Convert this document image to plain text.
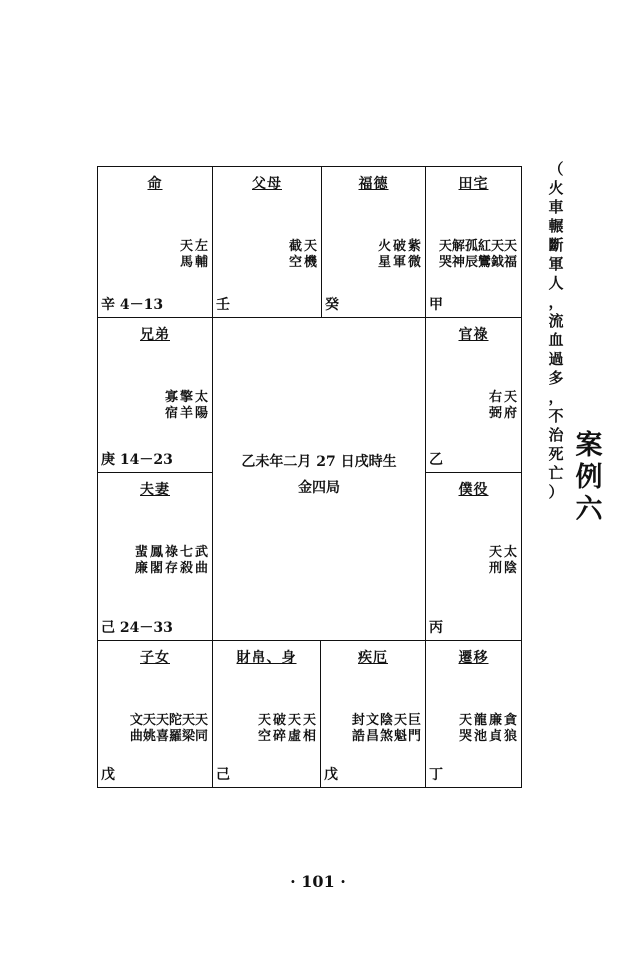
命
天
馬
左
輔
辛 4－13
父母
截
空
天
機
壬
福德
火
星
破
軍
紫
微
癸
田宅
天
哭
解
神
孤
辰
紅
鸞
天
鉞
天
福
甲
兄弟
寡
宿
擎
羊
太
陽
庚 14－23
官祿
右
弼
天
府
乙
乙未年二月 27 日戌時生
金四局
夫妻
蜚
廉
鳳
閣
祿
存
七
殺
武
曲
己 24－33
僕役
天
刑
太
陰
丙
子女
文
曲
天
姚
天
喜
陀
羅
天
梁
天
同
戊
財帛、身
天
空
破
碎
天
虛
天
相
己
疾厄
封
誥
文
昌
陰
煞
天
魁
巨
門
戊
遷移
天
哭
龍
池
廉
貞
貪
狼
丁
（
火
車
輾
斷
軍
人
，
流
血
過
多
，
不
治
死
亡
）
案
例
六
· 101 ·
